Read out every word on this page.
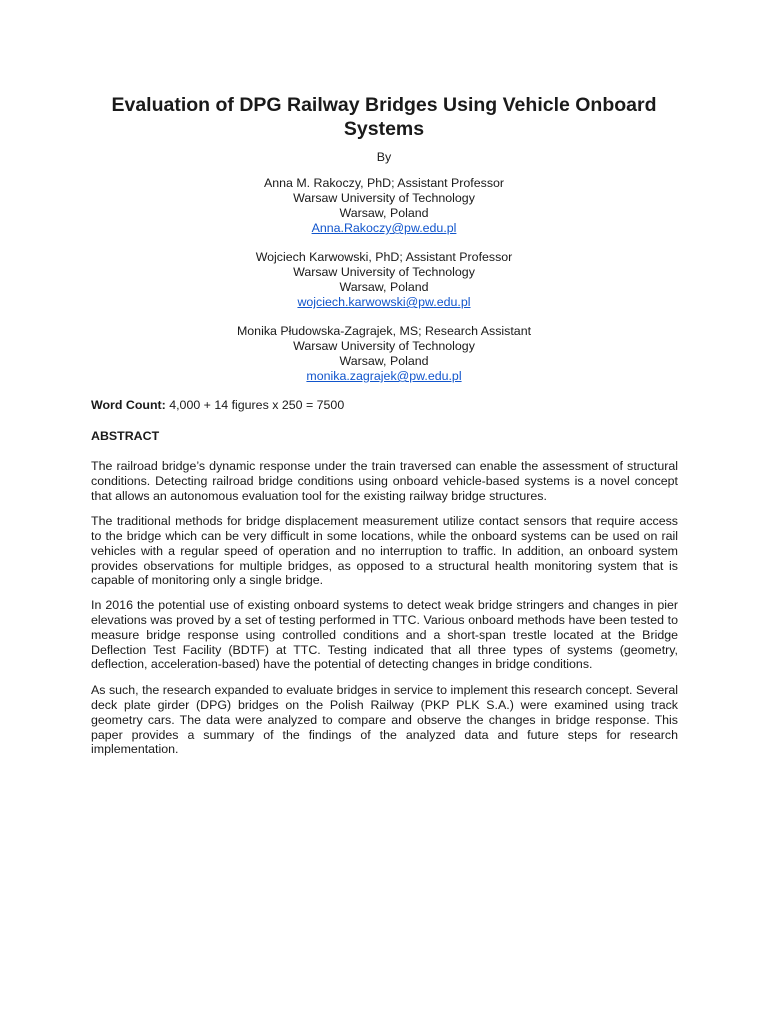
Evaluation of DPG Railway Bridges Using Vehicle Onboard Systems
By
Anna M. Rakoczy, PhD; Assistant Professor
Warsaw University of Technology
Warsaw, Poland
Anna.Rakoczy@pw.edu.pl
Wojciech Karwowski, PhD; Assistant Professor
Warsaw University of Technology
Warsaw, Poland
wojciech.karwowski@pw.edu.pl
Monika Płudowska-Zagrajek, MS; Research Assistant
Warsaw University of Technology
Warsaw, Poland
monika.zagrajek@pw.edu.pl
Word Count: 4,000 + 14 figures x 250 = 7500
ABSTRACT

The railroad bridge’s dynamic response under the train traversed can enable the assessment of structural conditions. Detecting railroad bridge conditions using onboard vehicle-based systems is a novel concept that allows an autonomous evaluation tool for the existing railway bridge structures.

The traditional methods for bridge displacement measurement utilize contact sensors that require access to the bridge which can be very difficult in some locations, while the onboard systems can be used on rail vehicles with a regular speed of operation and no interruption to traffic. In addition, an onboard system provides observations for multiple bridges, as opposed to a structural health monitoring system that is capable of monitoring only a single bridge.

In 2016 the potential use of existing onboard systems to detect weak bridge stringers and changes in pier elevations was proved by a set of testing performed in TTC. Various onboard methods have been tested to measure bridge response using controlled conditions and a short-span trestle located at the Bridge Deflection Test Facility (BDTF) at TTC. Testing indicated that all three types of systems (geometry, deflection, acceleration-based) have the potential of detecting changes in bridge conditions.

As such, the research expanded to evaluate bridges in service to implement this research concept. Several deck plate girder (DPG) bridges on the Polish Railway (PKP PLK S.A.) were examined using track geometry cars. The data were analyzed to compare and observe the changes in bridge response. This paper provides a summary of the findings of the analyzed data and future steps for research implementation.
